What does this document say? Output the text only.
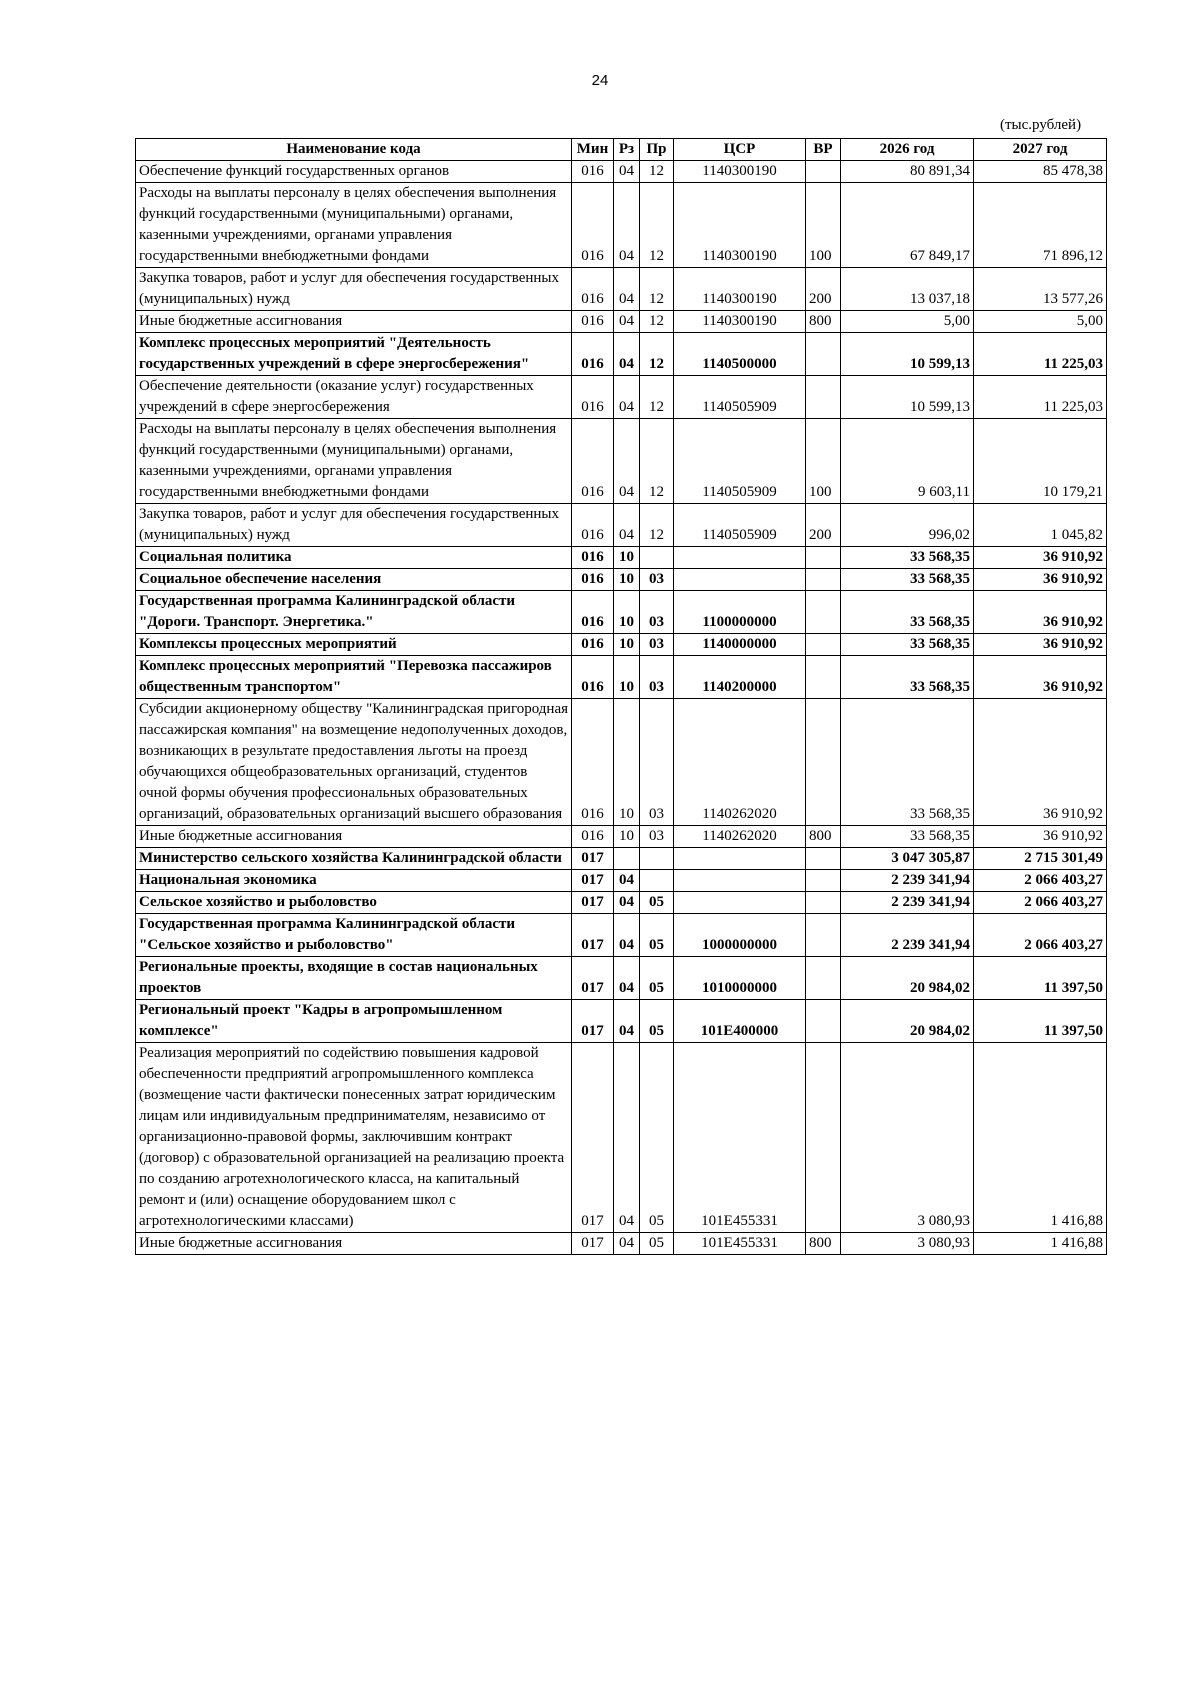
24
(тыс.рублей)
Наименование кода	Мин	Рз	Пр	ЦСР	ВР	2026 год	2027 год
Обеспечение функций государственных органов	016	04	12	1140300190		80 891,34	85 478,38
Расходы на выплаты персоналу в целях обеспечения выполнения функций государственными (муниципальными) органами, казенными учреждениями, органами управления государственными внебюджетными фондами	016	04	12	1140300190	100	67 849,17	71 896,12
Закупка товаров, работ и услуг для обеспечения государственных (муниципальных) нужд	016	04	12	1140300190	200	13 037,18	13 577,26
Иные бюджетные ассигнования	016	04	12	1140300190	800	5,00	5,00
Комплекс процессных мероприятий "Деятельность государственных учреждений в сфере энергосбережения"	016	04	12	1140500000		10 599,13	11 225,03
Обеспечение деятельности (оказание услуг) государственных учреждений в сфере энергосбережения	016	04	12	1140505909		10 599,13	11 225,03
Расходы на выплаты персоналу в целях обеспечения выполнения функций государственными (муниципальными) органами, казенными учреждениями, органами управления государственными внебюджетными фондами	016	04	12	1140505909	100	9 603,11	10 179,21
Закупка товаров, работ и услуг для обеспечения государственных (муниципальных) нужд	016	04	12	1140505909	200	996,02	1 045,82
Социальная политика	016	10				33 568,35	36 910,92
Социальное обеспечение населения	016	10	03			33 568,35	36 910,92
Государственная программа Калининградской области "Дороги. Транспорт. Энергетика."	016	10	03	1100000000		33 568,35	36 910,92
Комплексы процессных мероприятий	016	10	03	1140000000		33 568,35	36 910,92
Комплекс процессных мероприятий "Перевозка пассажиров общественным транспортом"	016	10	03	1140200000		33 568,35	36 910,92
Субсидии акционерному обществу "Калининградская пригородная пассажирская компания" на возмещение недополученных доходов, возникающих в результате предоставления льготы на проезд обучающихся общеобразовательных организаций, студентов очной формы обучения профессиональных образовательных организаций, образовательных организаций высшего образования	016	10	03	1140262020		33 568,35	36 910,92
Иные бюджетные ассигнования	016	10	03	1140262020	800	33 568,35	36 910,92
Министерство сельского хозяйства Калининградской области	017					3 047 305,87	2 715 301,49
Национальная экономика	017	04				2 239 341,94	2 066 403,27
Сельское хозяйство и рыболовство	017	04	05			2 239 341,94	2 066 403,27
Государственная программа Калининградской области "Сельское хозяйство и рыболовство"	017	04	05	1000000000		2 239 341,94	2 066 403,27
Региональные проекты, входящие в состав национальных проектов	017	04	05	1010000000		20 984,02	11 397,50
Региональный проект "Кадры в агропромышленном комплексе"	017	04	05	101Е400000		20 984,02	11 397,50
Реализация мероприятий по содействию повышения кадровой обеспеченности предприятий агропромышленного комплекса (возмещение части фактически понесенных затрат юридическим лицам или индивидуальным предпринимателям, независимо от организационно-правовой формы, заключившим контракт (договор) с образовательной организацией на реализацию проекта по созданию агротехнологического класса, на капитальный ремонт и (или) оснащение оборудованием школ с агротехнологическими классами)	017	04	05	101Е455331		3 080,93	1 416,88
Иные бюджетные ассигнования	017	04	05	101Е455331	800	3 080,93	1 416,88
